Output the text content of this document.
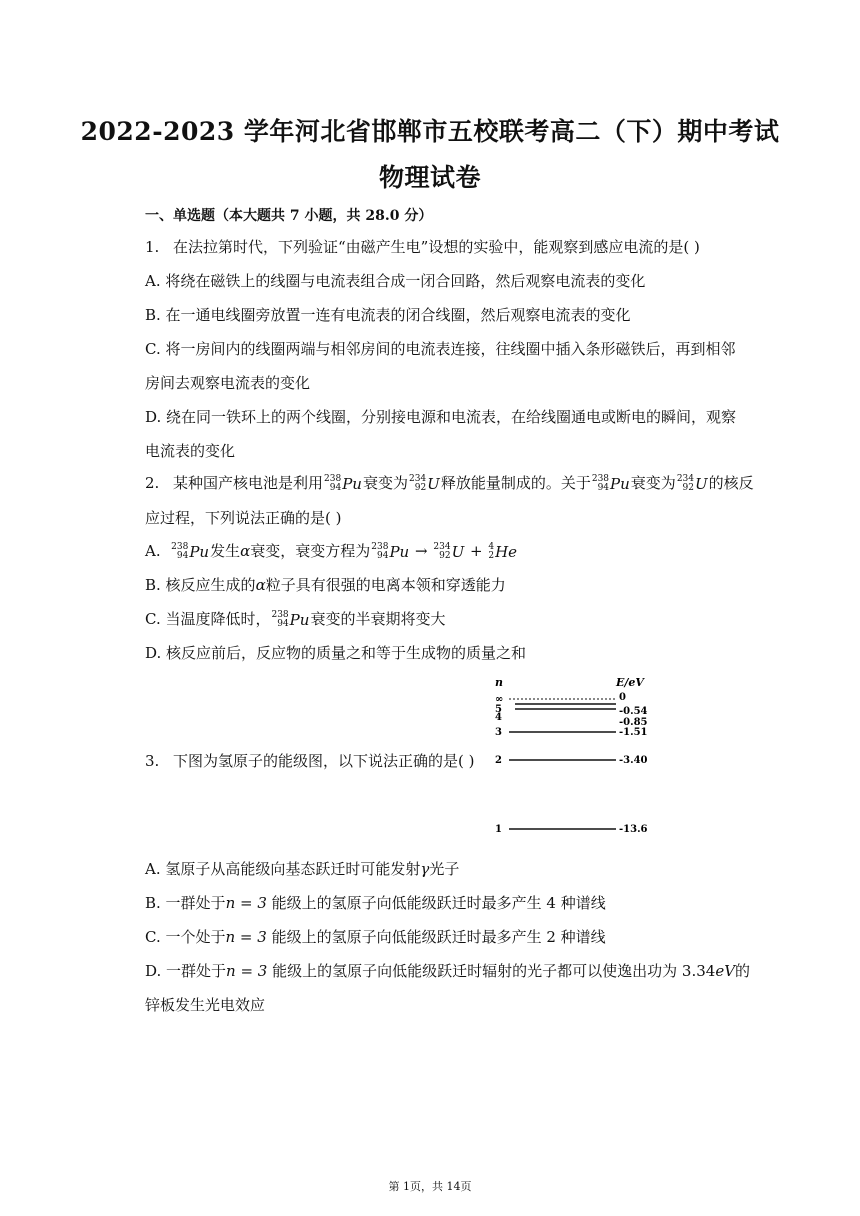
2022-2023 学年河北省邯郸市五校联考高二（下）期中考试
物理试卷
一、单选题（本大题共 7 小题，共 28.0 分）
1. 在法拉第时代，下列验证“由磁产生电”设想的实验中，能观察到感应电流的是( )
A. 将绕在磁铁上的线圈与电流表组合成一闭合回路，然后观察电流表的变化
B. 在一通电线圈旁放置一连有电流表的闭合线圈，然后观察电流表的变化
C. 将一房间内的线圈两端与相邻房间的电流表连接，往线圈中插入条形磁铁后，再到相邻
房间去观察电流表的变化
D. 绕在同一铁环上的两个线圈，分别接电源和电流表，在给线圈通电或断电的瞬间，观察
电流表的变化
2. 某种国产核电池是利用 238
94 Pu 衰变为 234
92 U 释放能量制成的。关于 238
94 Pu 衰变为 234
92 U 的核反
应过程，下列说法正确的是( )
A. 238
94 Pu 发生α衰变，衰变方程为 238
94 Pu → 234
92 U + 4
2 He
B. 核反应生成的α粒子具有很强的电离本领和穿透能力
C. 当温度降低时， 238
94 Pu 衰变的半衰期将变大
D. 核反应前后，反应物的质量之和等于生成物的质量之和
n	E/eV
∞	0
5	-0.54
4	-0.85
3	-1.51
2	-3.40
1	-13.6
3. 下图为氢原子的能级图，以下说法正确的是( )
A. 氢原子从高能级向基态跃迁时可能发射γ光子
B. 一群处于n = 3 能级上的氢原子向低能级跃迁时最多产生 4 种谱线
C. 一个处于n = 3 能级上的氢原子向低能级跃迁时最多产生 2 种谱线
D. 一群处于n = 3 能级上的氢原子向低能级跃迁时辐射的光子都可以使逸出功为 3.34eV的
锌板发生光电效应
第 1页，共 14页
